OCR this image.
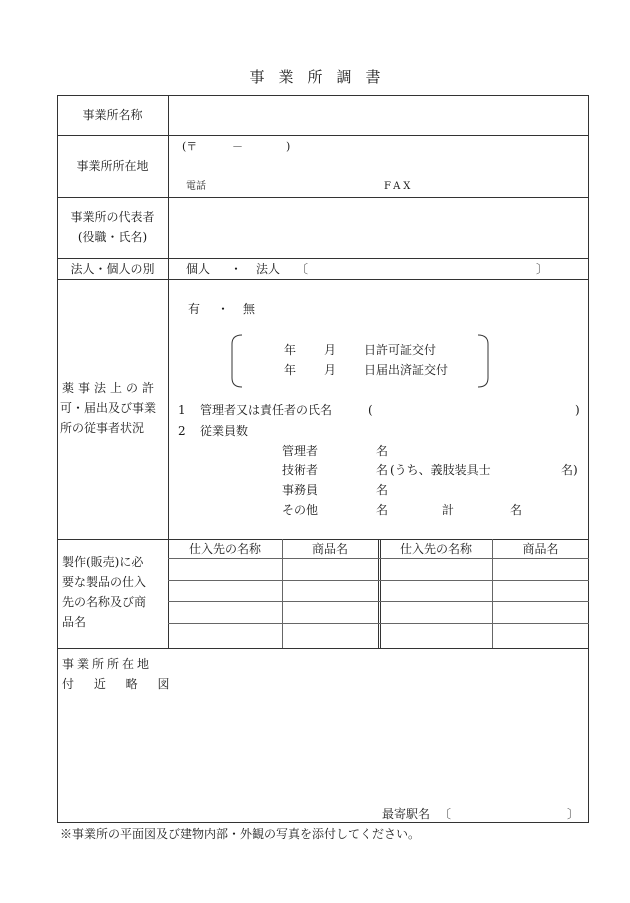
事業所調書
事業所名称
事業所所在地
(〒	－	)
電話	FAX
事業所の代表者
(役職・氏名)
法人・個人の別	個人 ・ 法人 〔	〕
薬事法上の許
可・届出及び事業
所の従事者状況
有 ・ 無
年 月 日許可証交付
年 月 日届出済証交付
1 管理者又は責任者の氏名	(	)
2 従業員数
管理者	名
技術者	名 (うち、義肢装具士	名)
事務員	名
その他	名	計	名
製作(販売)に必
要な製品の仕入
先の名称及び商
品名
仕入先の名称	商品名	仕入先の名称	商品名
事業所所在地
付 近 略 図
最寄駅名 〔	〕
※事業所の平面図及び建物内部・外観の写真を添付してください。
